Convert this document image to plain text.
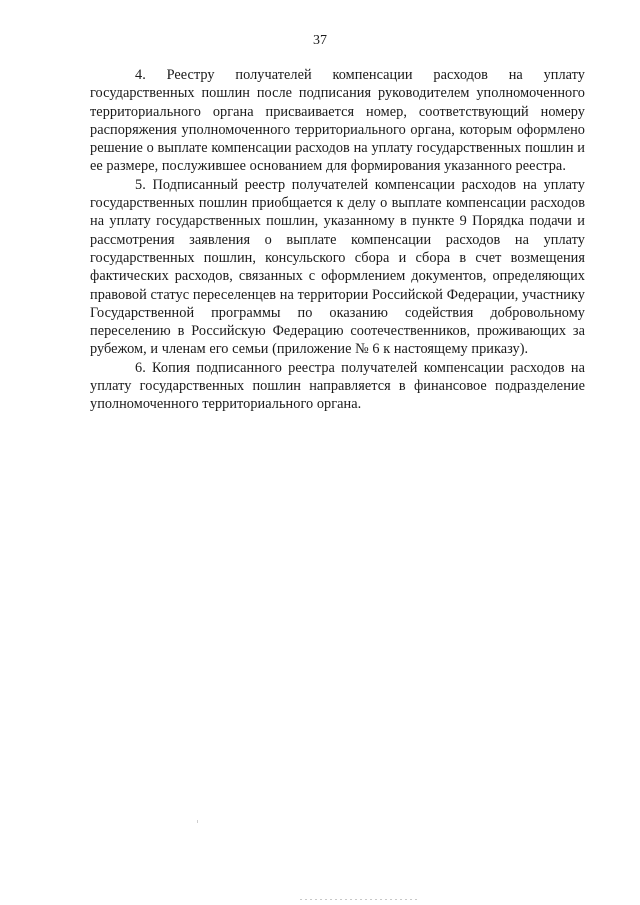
37

4. Реестру получателей компенсации расходов на уплату государственных пошлин после подписания руководителем уполномоченного территориального органа присваивается номер, соответствующий номеру распоряжения уполномоченного территориального органа, которым оформлено решение о выплате компенсации расходов на уплату государственных пошлин и ее размере, послужившее основанием для формирования указанного реестра.

5. Подписанный реестр получателей компенсации расходов на уплату государственных пошлин приобщается к делу о выплате компенсации расходов на уплату государственных пошлин, указанному в пункте 9 Порядка подачи и рассмотрения заявления о выплате компенсации расходов на уплату государственных пошлин, консульского сбора и сбора в счет возмещения фактических расходов, связанных с оформлением документов, определяющих правовой статус переселенцев на территории Российской Федерации, участнику Государственной программы по оказанию содействия добровольному переселению в Российскую Федерацию соотечественников, проживающих за рубежом, и членам его семьи (приложение № 6 к настоящему приказу).

6. Копия подписанного реестра получателей компенсации расходов на уплату государственных пошлин направляется в финансовое подразделение уполномоченного территориального органа.
